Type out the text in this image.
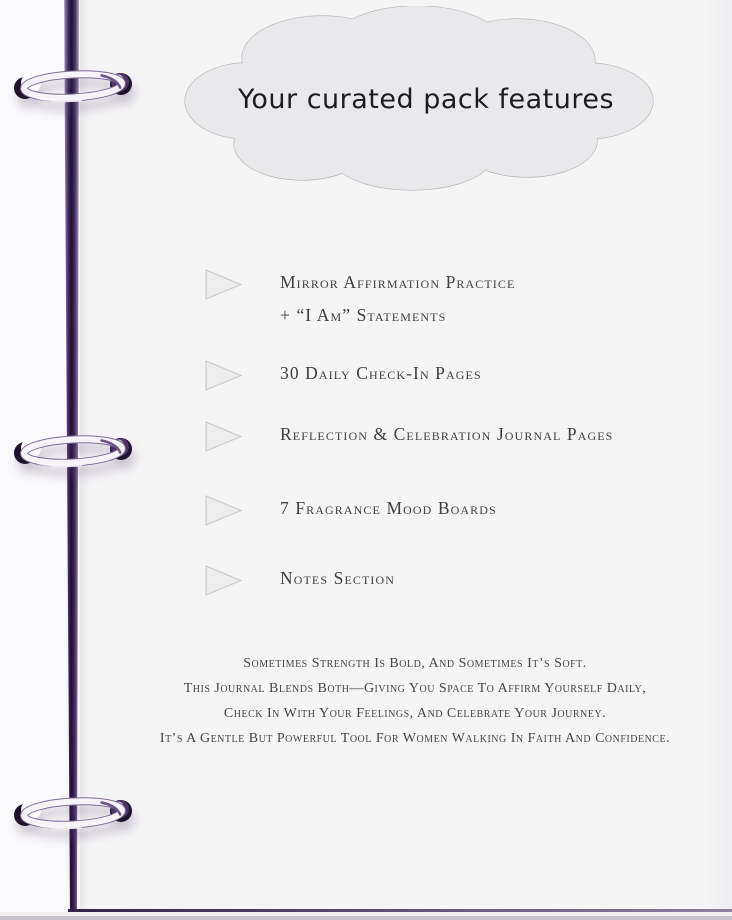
Your curated pack features
Mirror Affirmation Practice
+ “I Am” Statements
30 Daily Check-In Pages
Reflection & Celebration Journal Pages
7 Fragrance Mood Boards
Notes Section
Sometimes Strength Is Bold, And Sometimes It’s Soft.
This Journal Blends Both—Giving You Space To Affirm Yourself Daily,
Check In With Your Feelings, And Celebrate Your Journey.
It’s A Gentle But Powerful Tool For Women Walking In Faith And Confidence.
